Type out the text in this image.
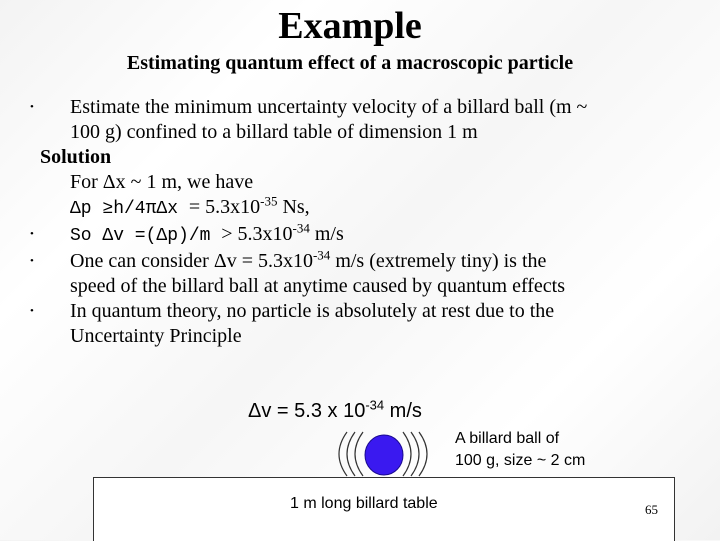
Example
Estimating quantum effect of a macroscopic particle
• Estimate the minimum uncertainty velocity of a billard ball (m ~
100 g) confined to a billard table of dimension 1 m
Solution
For Δx ~ 1 m, we have
$\Delta p \ge h/4\pi\Delta x = 5.3x10^{-35}$ Ns,
• So $\Delta v =(\Delta p)/m > 5.3x10^{-34}$ m/s
• One can consider $\Delta v = 5.3x10^{-34}$ m/s (extremely tiny) is the
speed of the billard ball at anytime caused by quantum effects
• In quantum theory, no particle is absolutely at rest due to the
Uncertainty Principle
Δv = 5.3 x $10^{-34}$ m/s
A billard ball of
100 g, size ~ 2 cm
1 m long billard table	65
